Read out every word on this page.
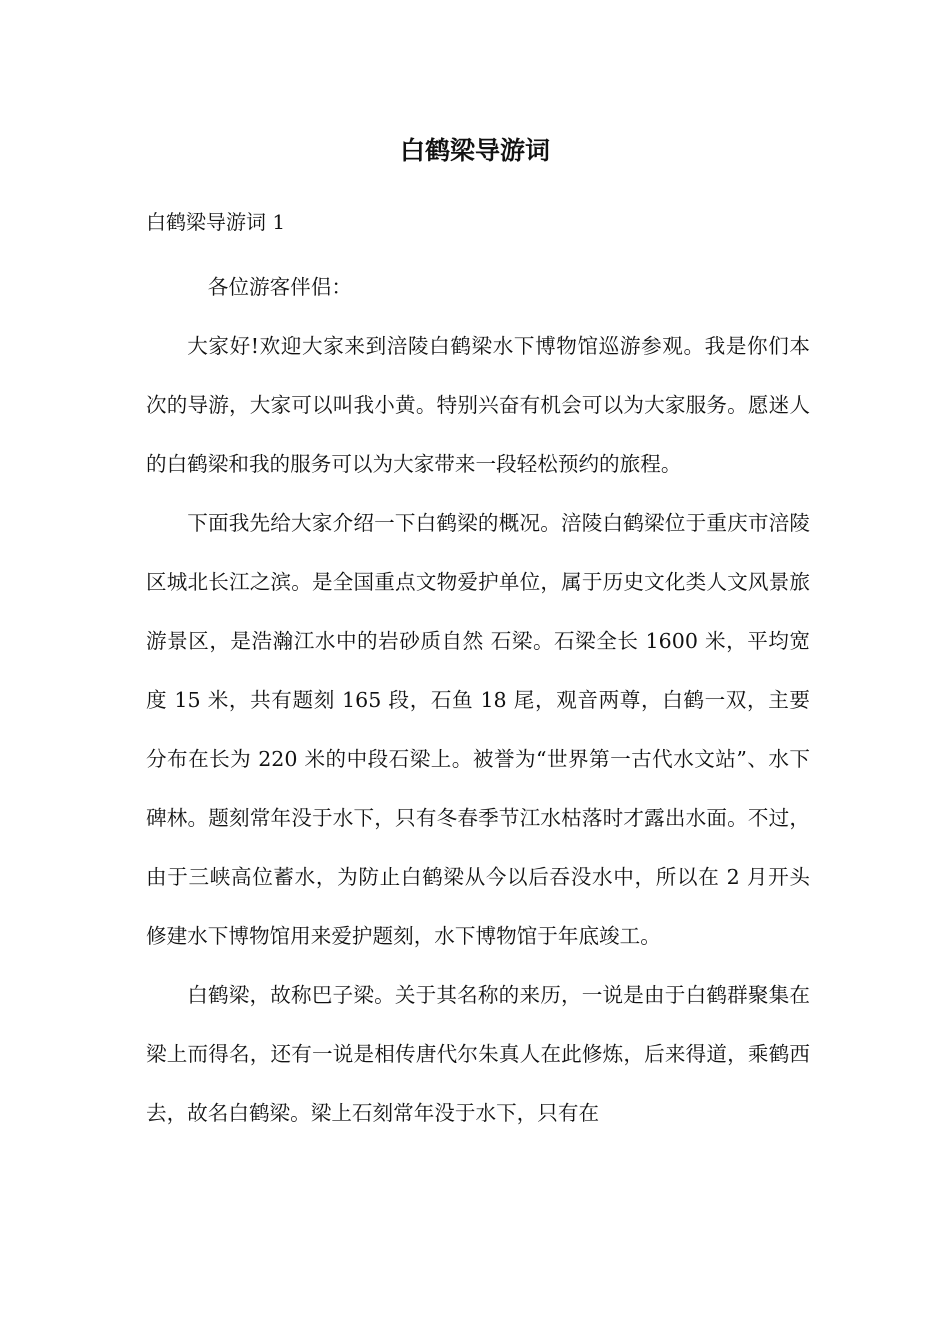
白鹤梁导游词
白鹤梁导游词 1

各位游客伴侣：

大家好!欢迎大家来到涪陵白鹤梁水下博物馆巡游参观。我是你们本次的导游，大家可以叫我小黄。特别兴奋有机会可以为大家服务。愿迷人的白鹤梁和我的服务可以为大家带来一段轻松预约的旅程。

下面我先给大家介绍一下白鹤梁的概况。涪陵白鹤梁位于重庆市涪陵区城北长江之滨。是全国重点文物爱护单位，属于历史文化类人文风景旅游景区，是浩瀚江水中的岩砂质自然 石梁。石梁全长 1600 米，平均宽度 15 米，共有题刻 165 段，石鱼 18 尾，观音两尊，白鹤一双，主要分布在长为 220 米的中段石梁上。被誉为“世界第一古代水文站”、水下碑林。题刻常年没于水下，只有冬春季节江水枯落时才露出水面。不过，由于三峡高位蓄水，为防止白鹤梁从今以后吞没水中，所以在 2 月开头修建水下博物馆用来爱护题刻，水下博物馆于年底竣工。

白鹤梁，故称巴子梁。关于其名称的来历，一说是由于白鹤群聚集在梁上而得名，还有一说是相传唐代尔朱真人在此修炼，后来得道，乘鹤西去，故名白鹤梁。梁上石刻常年没于水下，只有在
